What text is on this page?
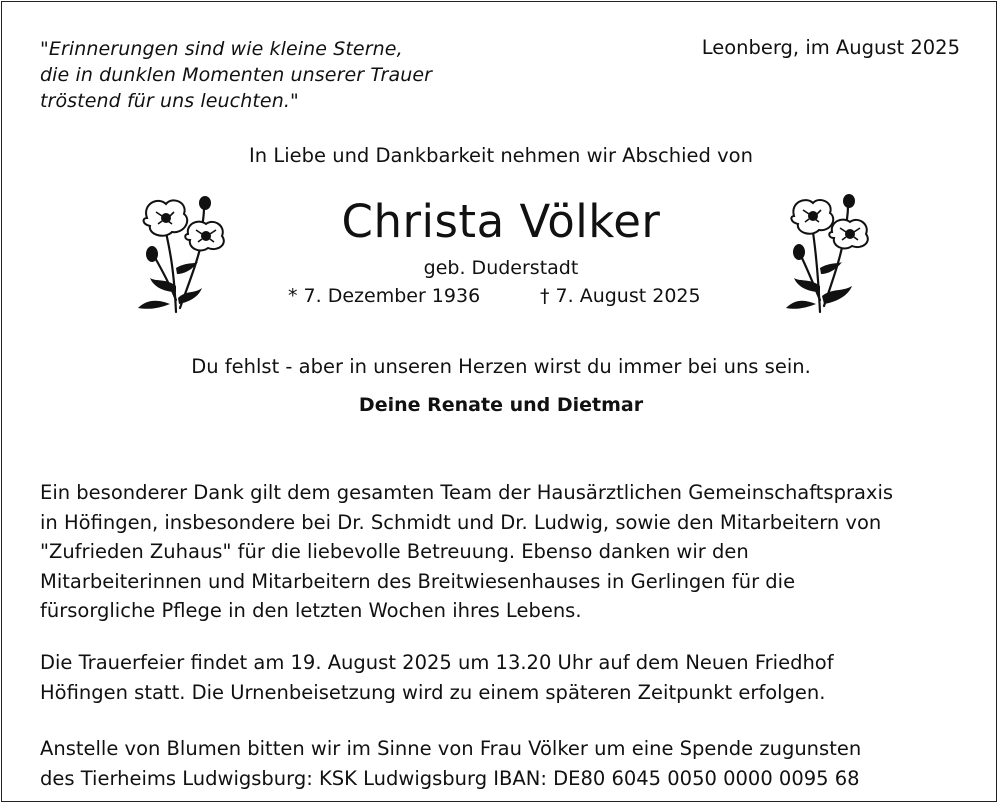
"Erinnerungen sind wie kleine Sterne,
die in dunklen Momenten unserer Trauer
tröstend für uns leuchten."
Leonberg, im August 2025
In Liebe und Dankbarkeit nehmen wir Abschied von
Christa Völker
geb. Duderstadt
* 7. Dezember 1936	† 7. August 2025
Du fehlst - aber in unseren Herzen wirst du immer bei uns sein.
Deine Renate und Dietmar
Ein besonderer Dank gilt dem gesamten Team der Hausärztlichen Gemeinschaftspraxis
in Höfingen, insbesondere bei Dr. Schmidt und Dr. Ludwig, sowie den Mitarbeitern von
"Zufrieden Zuhaus" für die liebevolle Betreuung. Ebenso danken wir den
Mitarbeiterinnen und Mitarbeitern des Breitwiesenhauses in Gerlingen für die
fürsorgliche Pflege in den letzten Wochen ihres Lebens.
Die Trauerfeier findet am 19. August 2025 um 13.20 Uhr auf dem Neuen Friedhof
Höfingen statt. Die Urnenbeisetzung wird zu einem späteren Zeitpunkt erfolgen.
Anstelle von Blumen bitten wir im Sinne von Frau Völker um eine Spende zugunsten
des Tierheims Ludwigsburg: KSK Ludwigsburg IBAN: DE80 6045 0050 0000 0095 68
